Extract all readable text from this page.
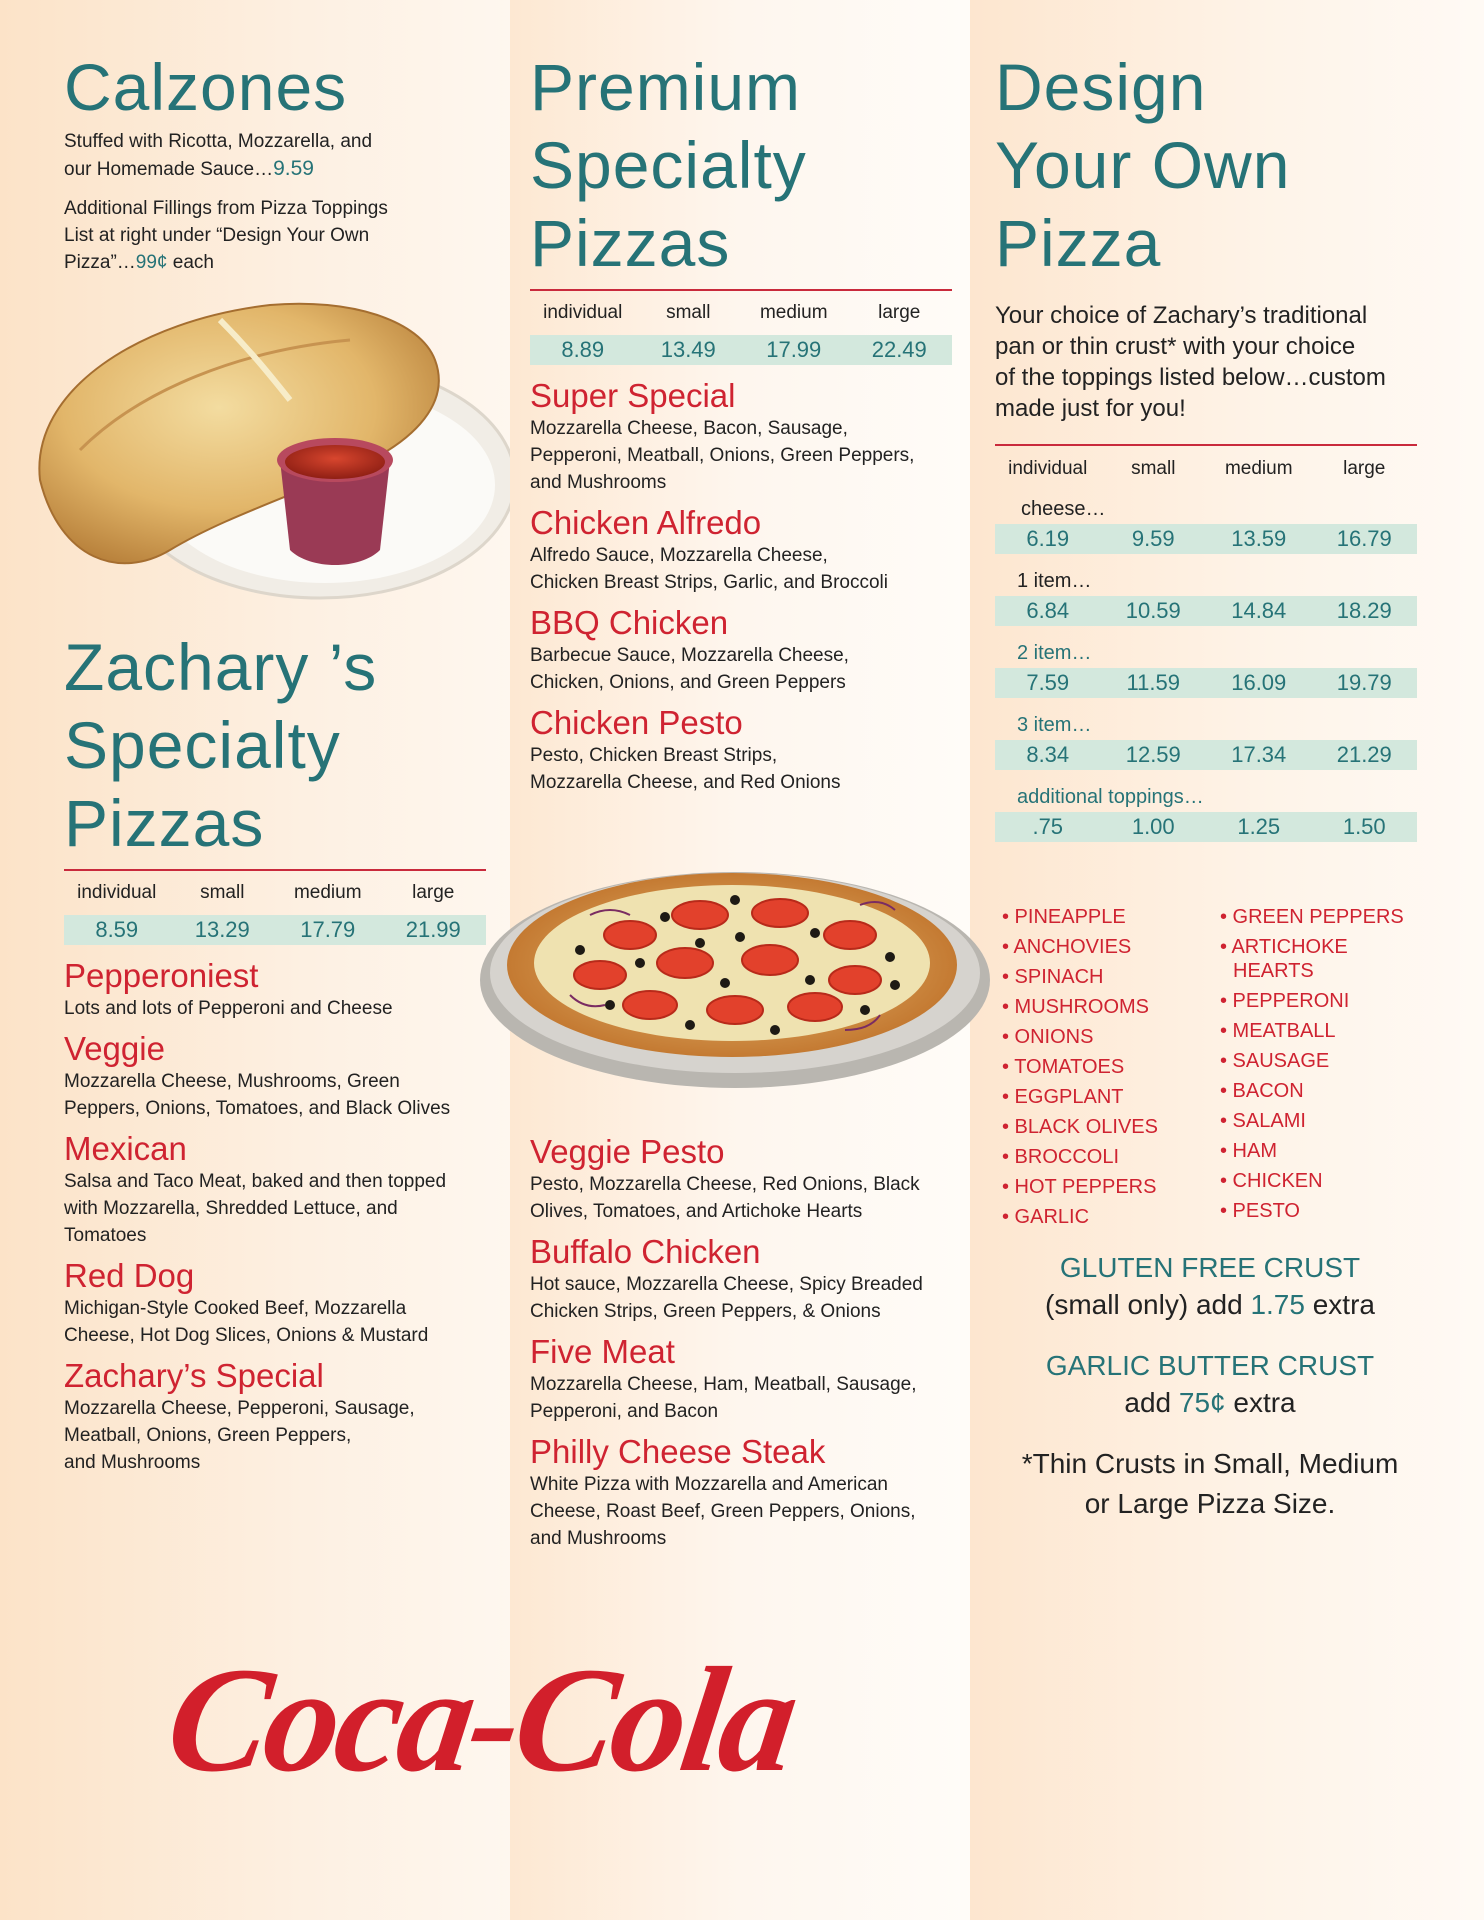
Calzones
Stuffed with Ricotta, Mozzarella, and
our Homemade Sauce…9.59
Additional Fillings from Pizza Toppings
List at right under “Design Your Own
Pizza”…99¢ each
Zachary ’s
Specialty
Pizzas
individual	small	medium	large
8.59	13.29	17.79	21.99
Pepperoniest
Lots and lots of Pepperoni and Cheese
Veggie
Mozzarella Cheese, Mushrooms, Green
Peppers, Onions, Tomatoes, and Black Olives
Mexican
Salsa and Taco Meat, baked and then topped
with Mozzarella, Shredded Lettuce, and
Tomatoes
Red Dog
Michigan-Style Cooked Beef, Mozzarella
Cheese, Hot Dog Slices, Onions & Mustard
Zachary’s Special
Mozzarella Cheese, Pepperoni, Sausage,
Meatball, Onions, Green Peppers,
and Mushrooms
Premium
Specialty
Pizzas
individual	small	medium	large
8.89	13.49	17.99	22.49
Super Special
Mozzarella Cheese, Bacon, Sausage,
Pepperoni, Meatball, Onions, Green Peppers,
and Mushrooms
Chicken Alfredo
Alfredo Sauce, Mozzarella Cheese,
Chicken Breast Strips, Garlic, and Broccoli
BBQ Chicken
Barbecue Sauce, Mozzarella Cheese,
Chicken, Onions, and Green Peppers
Chicken Pesto
Pesto, Chicken Breast Strips,
Mozzarella Cheese, and Red Onions
Veggie Pesto
Pesto, Mozzarella Cheese, Red Onions, Black
Olives, Tomatoes, and Artichoke Hearts
Buffalo Chicken
Hot sauce, Mozzarella Cheese, Spicy Breaded
Chicken Strips, Green Peppers, & Onions
Five Meat
Mozzarella Cheese, Ham, Meatball, Sausage,
Pepperoni, and Bacon
Philly Cheese Steak
White Pizza with Mozzarella and American
Cheese, Roast Beef, Green Peppers, Onions,
and Mushrooms
Design
Your Own
Pizza
Your choice of Zachary’s traditional
pan or thin crust* with your choice
of the toppings listed below…custom
made just for you!
individual	small	medium	large
cheese…
6.19	9.59	13.59	16.79
1 item…
6.84	10.59	14.84	18.29
2 item…
7.59	11.59	16.09	19.79
3 item…
8.34	12.59	17.34	21.29
additional toppings…
.75	1.00	1.25	1.50
• PINEAPPLE
• ANCHOVIES
• SPINACH
• MUSHROOMS
• ONIONS
• TOMATOES
• EGGPLANT
• BLACK OLIVES
• BROCCOLI
• HOT PEPPERS
• GARLIC
• GREEN PEPPERS
• ARTICHOKE
HEARTS
• PEPPERONI
• MEATBALL
• SAUSAGE
• BACON
• SALAMI
• HAM
• CHICKEN
• PESTO
GLUTEN FREE CRUST
(small only) add 1.75 extra
GARLIC BUTTER CRUST
add 75¢ extra
*Thin Crusts in Small, Medium
or Large Pizza Size.
Coca-Cola
